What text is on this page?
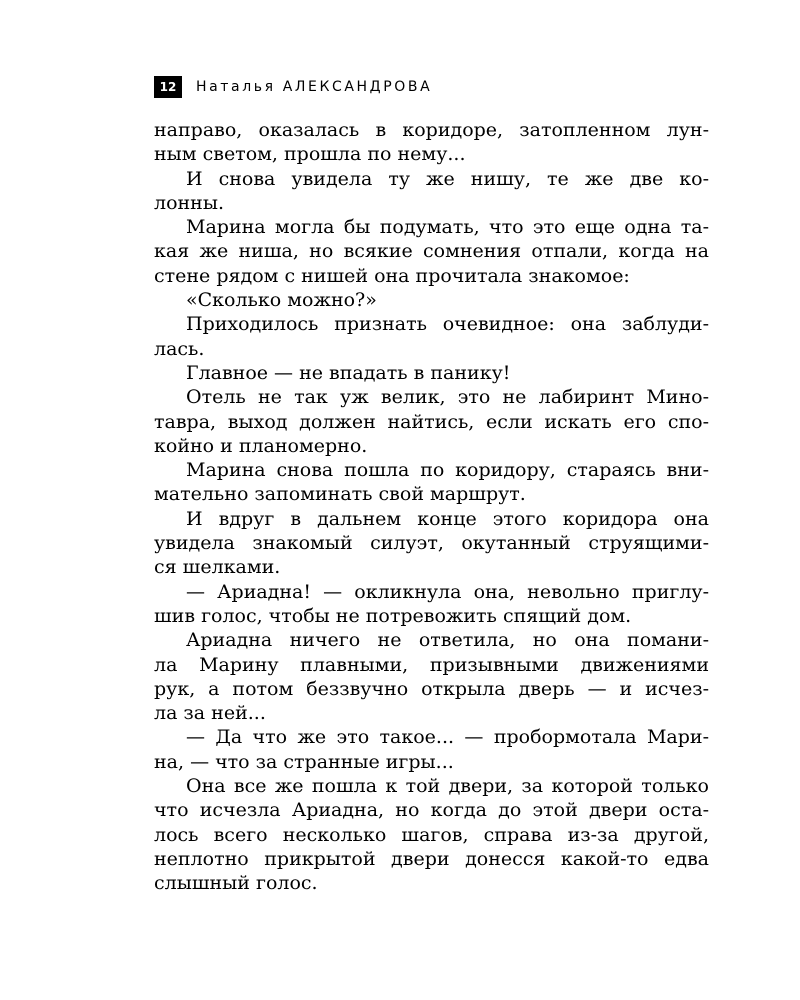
12	Наталья АЛЕКСАНДРОВА
направо, оказалась в коридоре, затопленном лун-
ным светом, прошла по нему...
И снова увидела ту же нишу, те же две ко-
лонны.
Марина могла бы подумать, что это еще одна та-
кая же ниша, но всякие сомнения отпали, когда на
стене рядом с нишей она прочитала знакомое:
«Сколько можно?»
Приходилось признать очевидное: она заблуди-
лась.
Главное — не впадать в панику!
Отель не так уж велик, это не лабиринт Мино-
тавра, выход должен найтись, если искать его спо-
койно и планомерно.
Марина снова пошла по коридору, стараясь вни-
мательно запоминать свой маршрут.
И вдруг в дальнем конце этого коридора она
увидела знакомый силуэт, окутанный струящими-
ся шелками.
— Ариадна! — окликнула она, невольно приглу-
шив голос, чтобы не потревожить спящий дом.
Ариадна ничего не ответила, но она помани-
ла Марину плавными, призывными движениями
рук, а потом беззвучно открыла дверь — и исчез-
ла за ней...
— Да что же это такое... — пробормотала Мари-
на, — что за странные игры...
Она все же пошла к той двери, за которой только
что исчезла Ариадна, но когда до этой двери оста-
лось всего несколько шагов, справа из-за другой,
неплотно прикрытой двери донесся какой-то едва
слышный голос.
